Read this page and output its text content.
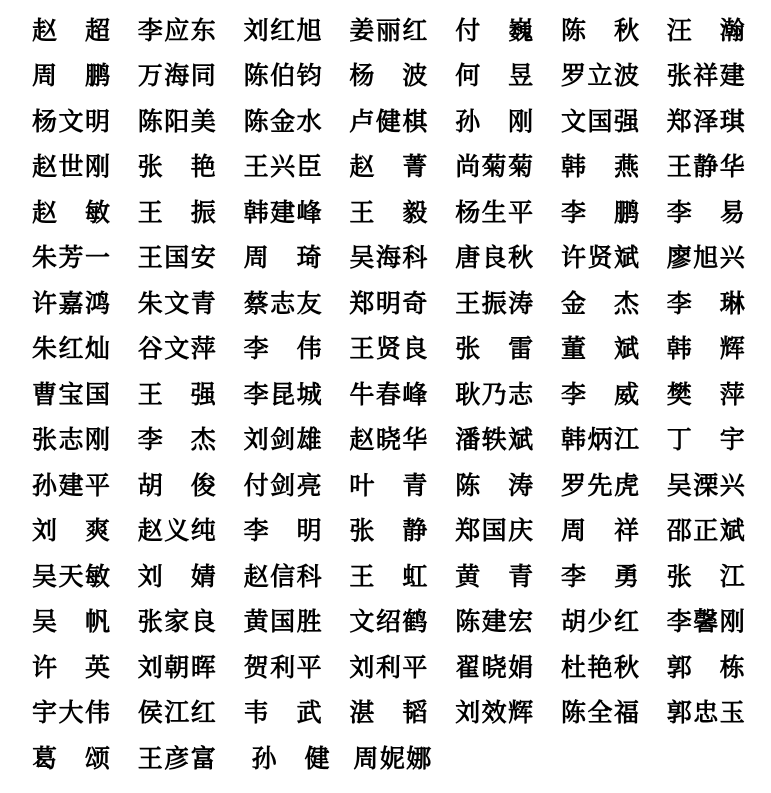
赵 超 李 应 东 刘 红 旭 姜 丽 红 付 巍 陈 秋 汪 瀚
周 鹏 万 海 同 陈 伯 钧 杨 波 何 昱 罗 立 波 张 祥 建
杨 文 明 陈 阳 美 陈 金 水 卢 健 棋 孙 刚 文 国 强 郑 泽 琪
赵 世 刚 张 艳 王 兴 臣 赵 菁 尚 菊 菊 韩 燕 王 静 华
赵 敏 王 振 韩 建 峰 王 毅 杨 生 平 李 鹏 李 易
朱 芳 一 王 国 安 周 琦 吴 海 科 唐 良 秋 许 贤 斌 廖 旭 兴
许 嘉 鸿 朱 文 青 蔡 志 友 郑 明 奇 王 振 涛 金 杰 李 琳
朱 红 灿 谷 文 萍 李 伟 王 贤 良 张 雷 董 斌 韩 辉
曹 宝 国 王 强 李 昆 城 牛 春 峰 耿 乃 志 李 威 樊 萍
张 志 刚 李 杰 刘 剑 雄 赵 晓 华 潘 轶 斌 韩 炳 江 丁 宇
孙 建 平 胡 俊 付 剑 亮 叶 青 陈 涛 罗 先 虎 吴 溧 兴
刘 爽 赵 义 纯 李 明 张 静 郑 国 庆 周 祥 邵 正 斌
吴 天 敏 刘 婧 赵 信 科 王 虹 黄 青 李 勇 张 江
吴 帆 张 家 良 黄 国 胜 文 绍 鹤 陈 建 宏 胡 少 红 李 馨 刚
许 英 刘 朝 晖 贺 利 平 刘 利 平 翟 晓 娟 杜 艳 秋 郭 栋
宇 大 伟 侯 江 红 韦 武 湛 韬 刘 效 辉 陈 全 福 郭 忠 玉
葛 颂 王 彦 富 孙 健 周 妮 娜
